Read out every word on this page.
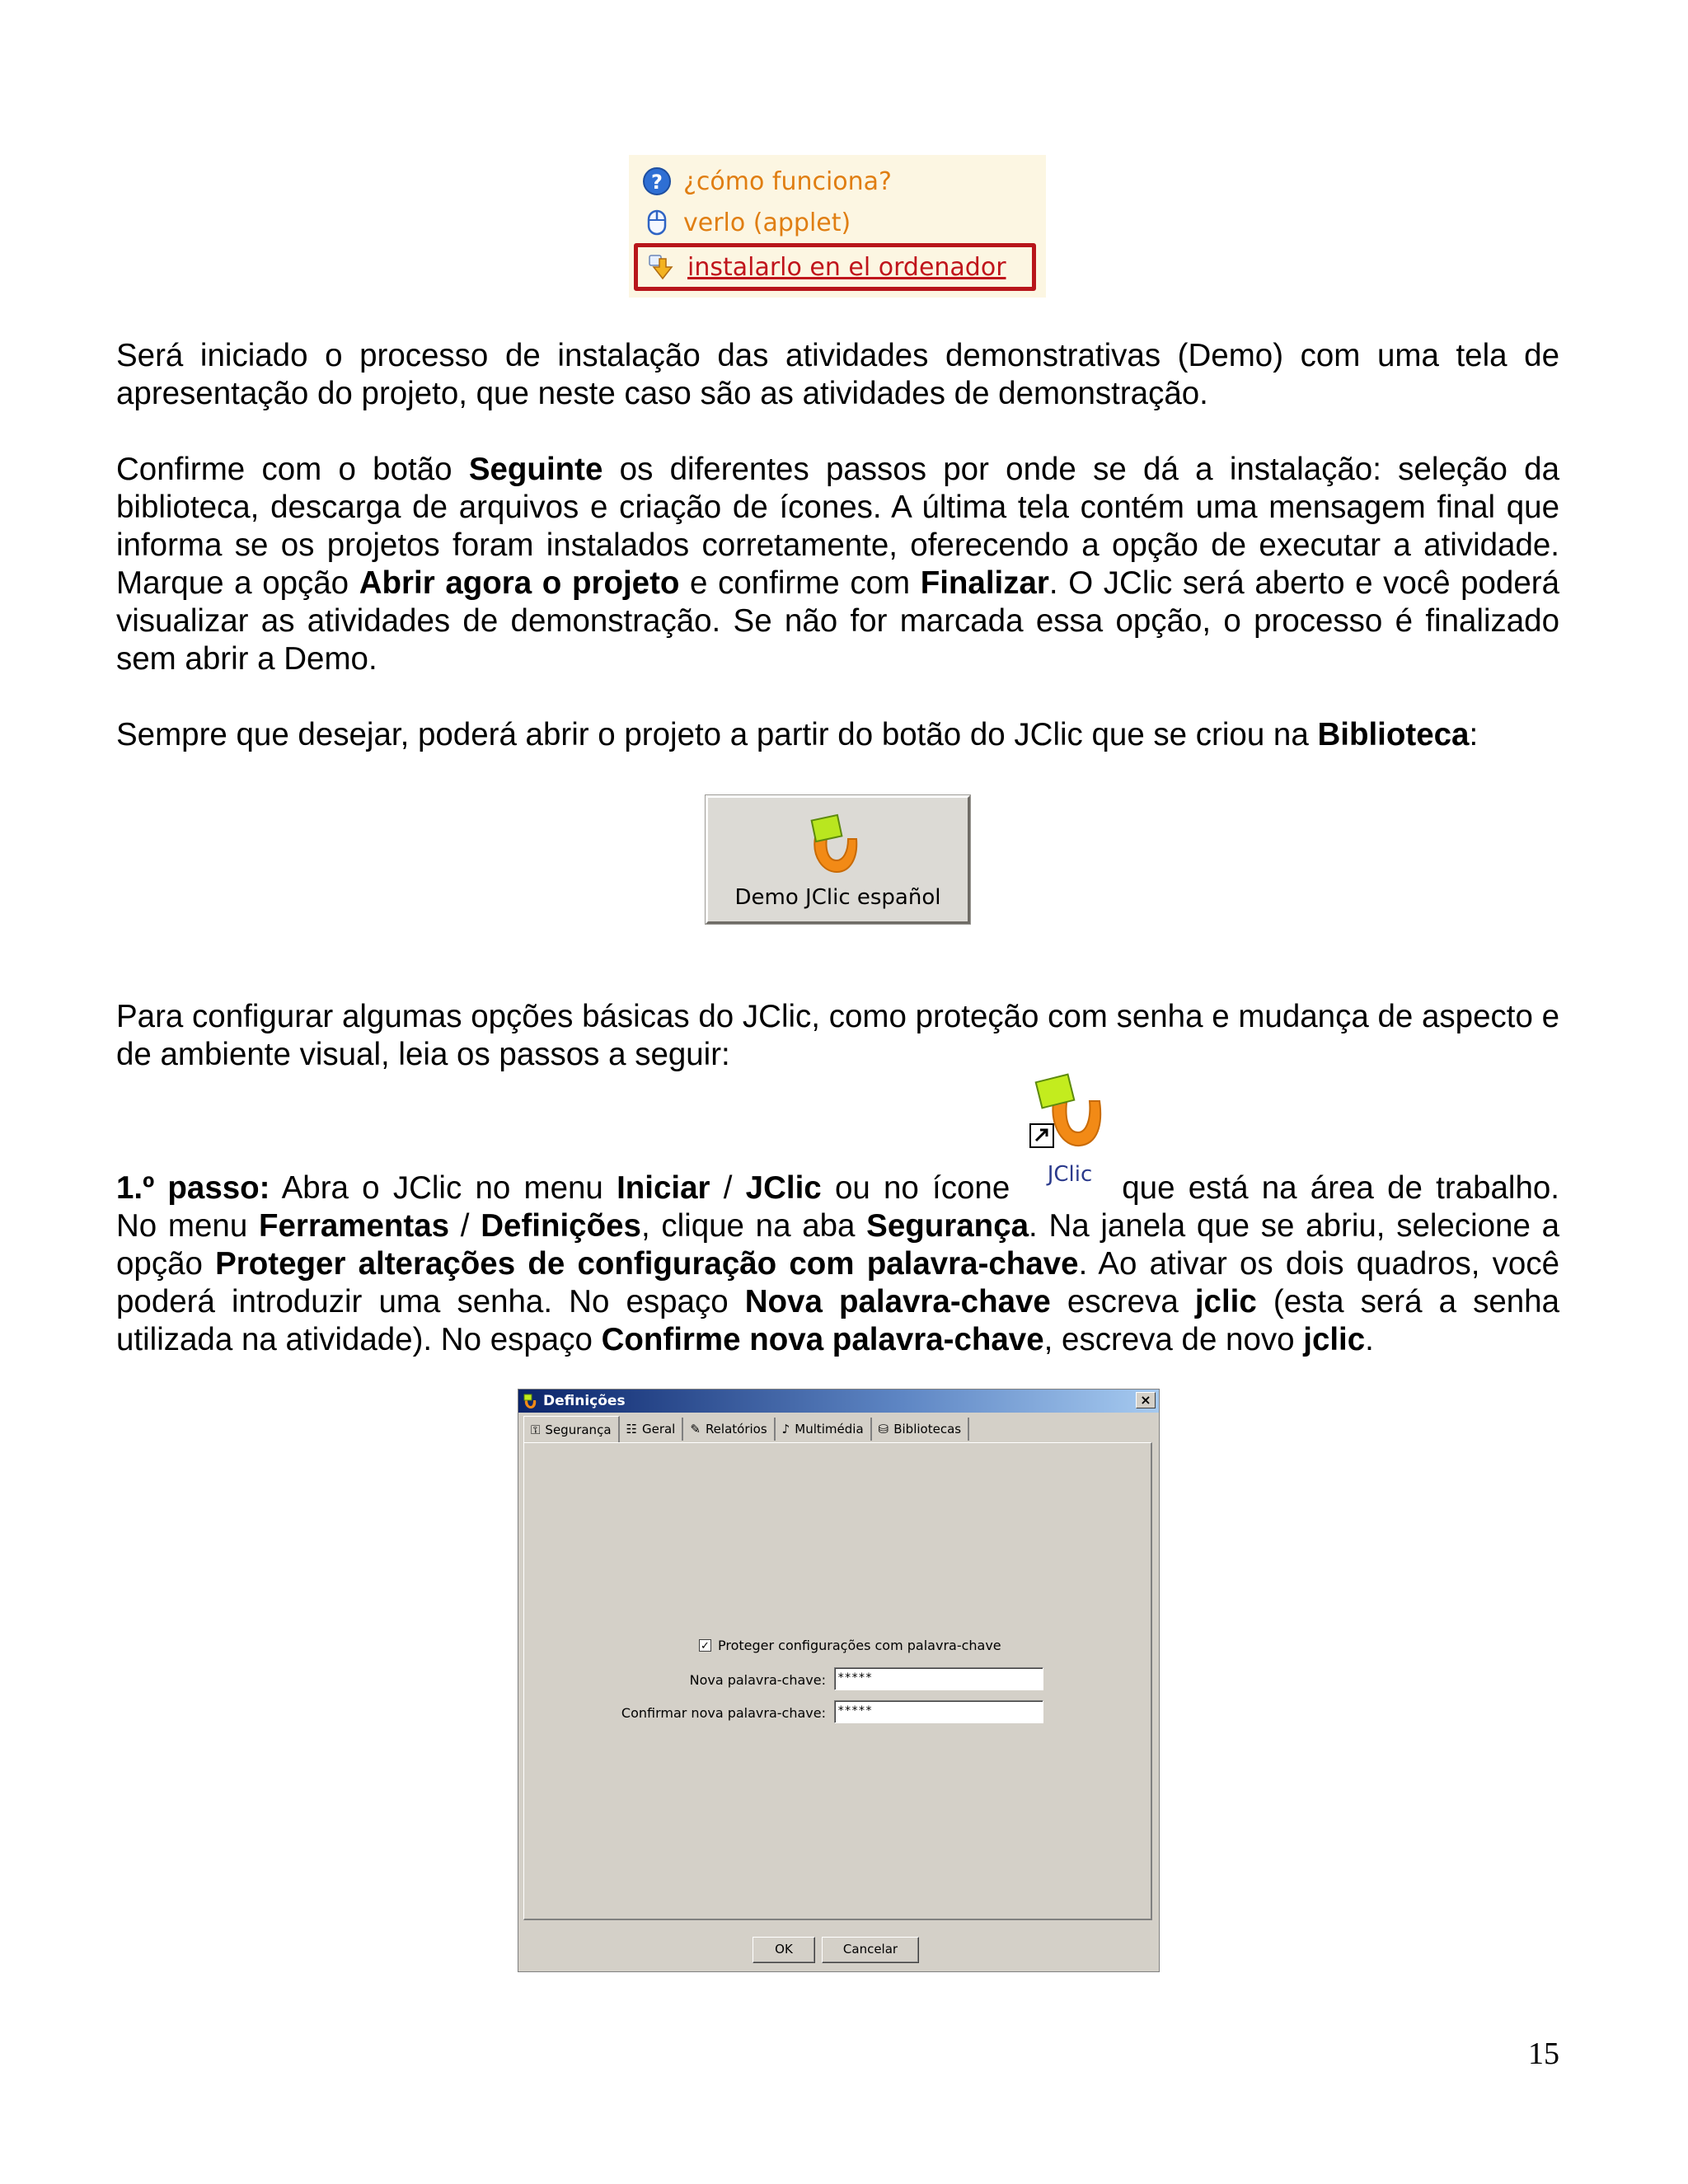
? ¿cómo funciona?
verlo (applet)
instalarlo en el ordenador

Será iniciado o processo de instalação das atividades demonstrativas (Demo) com uma tela de apresentação do projeto, que neste caso são as atividades de demonstração.

Confirme com o botão Seguinte os diferentes passos por onde se dá a instalação: seleção da biblioteca, descarga de arquivos e criação de ícones. A última tela contém uma mensagem final que informa se os projetos foram instalados corretamente, oferecendo a opção de executar a atividade. Marque a opção Abrir agora o projeto e confirme com Finalizar. O JClic será aberto e você poderá visualizar as atividades de demonstração. Se não for marcada essa opção, o processo é finalizado sem abrir a Demo.

Sempre que desejar, poderá abrir o projeto a partir do botão do JClic que se criou na Biblioteca:

Demo JClic español

Para configurar algumas opções básicas do JClic, como proteção com senha e mudança de aspecto e de ambiente visual, leia os passos a seguir:

JClic

1.º passo: Abra o JClic no menu Iniciar / JClic ou no ícone	que está na área de trabalho.

No menu Ferramentas / Definições, clique na aba Segurança. Na janela que se abriu, selecione a opção Proteger alterações de configuração com palavra-chave. Ao ativar os dois quadros, você poderá introduzir uma senha. No espaço Nova palavra-chave escreva jclic (esta será a senha utilizada na atividade). No espaço Confirme nova palavra-chave, escreva de novo jclic.

Definições	×
⚿ Segurança ☷ Geral ✎ Relatórios ♪ Multimédia ⛁ Bibliotecas
✓ Proteger configurações com palavra-chave
Nova palavra-chave: *****
Confirmar nova palavra-chave: *****
OK	Cancelar
15
